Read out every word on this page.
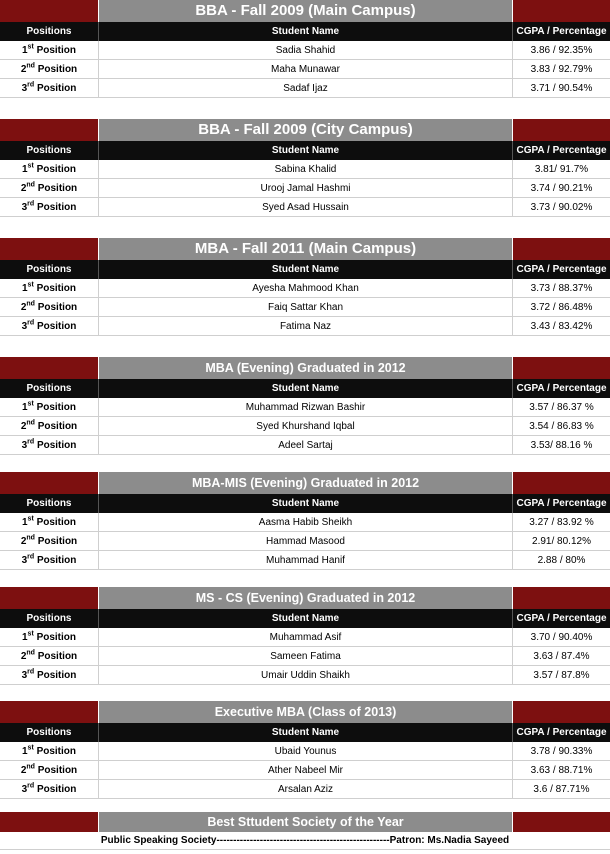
BBA - Fall 2009 (Main Campus)
Positions	Student Name	CGPA / Percentage
1st Position	Sadia Shahid	3.86 / 92.35%
2nd Position	Maha Munawar	3.83 / 92.79%
3rd Position	Sadaf Ijaz	3.71 / 90.54%
BBA - Fall 2009 (City Campus)
Positions	Student Name	CGPA / Percentage
1st Position	Sabina Khalid	3.81/ 91.7%
2nd Position	Urooj Jamal Hashmi	3.74 / 90.21%
3rd Position	Syed Asad Hussain	3.73 / 90.02%
MBA - Fall 2011 (Main Campus)
Positions	Student Name	CGPA / Percentage
1st Position	Ayesha Mahmood Khan	3.73 / 88.37%
2nd Position	Faiq Sattar Khan	3.72 / 86.48%
3rd Position	Fatima Naz	3.43 / 83.42%
MBA (Evening) Graduated in 2012
Positions	Student Name	CGPA / Percentage
1st Position	Muhammad Rizwan Bashir	3.57 / 86.37 %
2nd Position	Syed Khurshand Iqbal	3.54 / 86.83 %
3rd Position	Adeel Sartaj	3.53/ 88.16 %
MBA-MIS (Evening) Graduated in 2012
Positions	Student Name	CGPA / Percentage
1st Position	Aasma Habib Sheikh	3.27 / 83.92 %
2nd Position	Hammad Masood	2.91/ 80.12%
3rd Position	Muhammad Hanif	2.88 / 80%
MS - CS (Evening) Graduated in 2012
Positions	Student Name	CGPA / Percentage
1st Position	Muhammad Asif	3.70 / 90.40%
2nd Position	Sameen Fatima	3.63 / 87.4%
3rd Position	Umair Uddin Shaikh	3.57 / 87.8%
Executive MBA (Class of 2013)
Positions	Student Name	CGPA / Percentage
1st Position	Ubaid Younus	3.78 / 90.33%
2nd Position	Ather Nabeel Mir	3.63 / 88.71%
3rd Position	Arsalan Aziz	3.6 / 87.71%
Best Sttudent Society of the Year
Public Speaking Society----------------------------------------------------Patron: Ms.Nadia Sayeed
